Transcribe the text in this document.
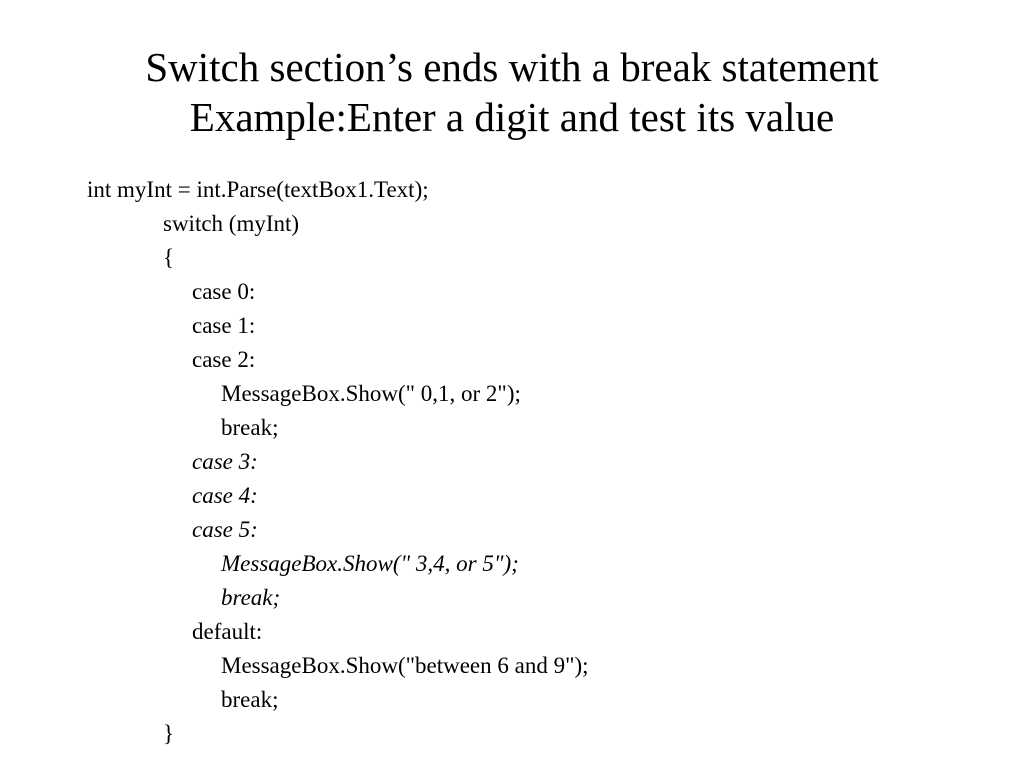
Switch section’s ends with a break statement
Example:Enter a digit and test its value
int myInt = int.Parse(textBox1.Text);
switch (myInt)
{
case 0:
case 1:
case 2:
MessageBox.Show(" 0,1, or 2");
break;
case 3:
case 4:
case 5:
MessageBox.Show(" 3,4, or 5");
break;
default:
MessageBox.Show("between 6 and 9");
break;
}
